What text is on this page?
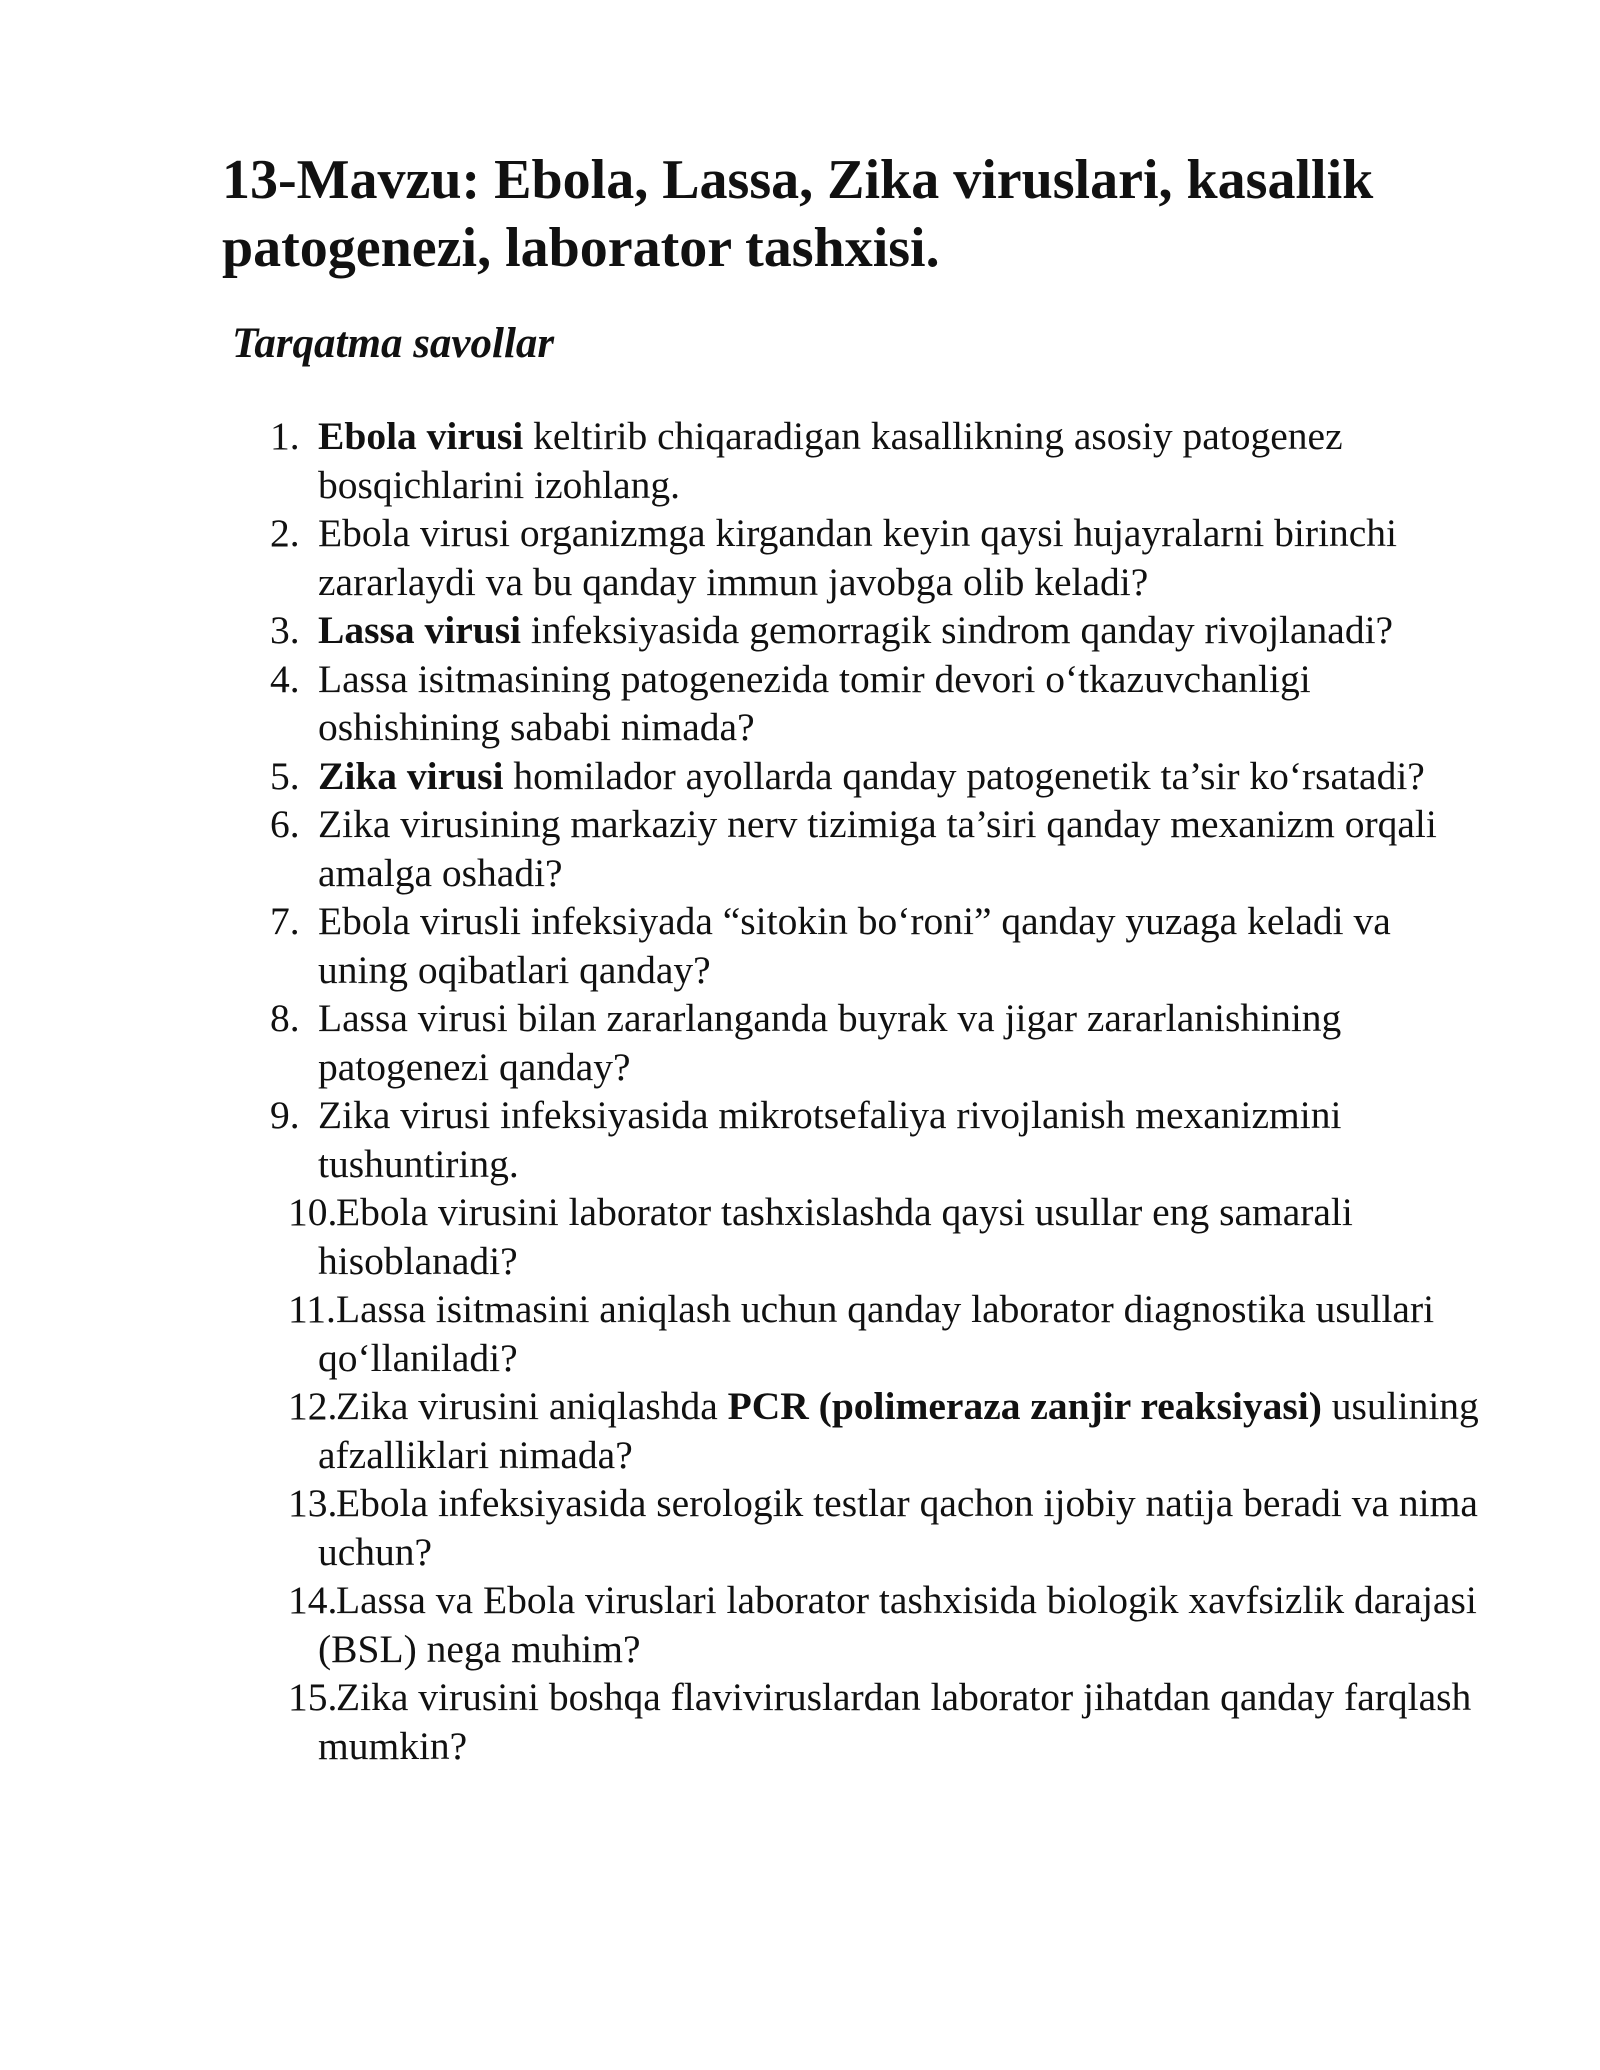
13-Mavzu: Ebola, Lassa, Zika viruslari, kasallik patogenezi, laborator tashxisi.
Tarqatma savollar
1. Ebola virusi keltirib chiqaradigan kasallikning asosiy patogenez bosqichlarini izohlang.
2. Ebola virusi organizmga kirgandan keyin qaysi hujayralarni birinchi zararlaydi va bu qanday immun javobga olib keladi?
3. Lassa virusi infeksiyasida gemorragik sindrom qanday rivojlanadi?
4. Lassa isitmasining patogenezida tomir devori o‘tkazuvchanligi oshishining sababi nimada?
5. Zika virusi homilador ayollarda qanday patogenetik ta’sir ko‘rsatadi?
6. Zika virusining markaziy nerv tizimiga ta’siri qanday mexanizm orqali amalga oshadi?
7. Ebola virusli infeksiyada “sitokin bo‘roni” qanday yuzaga keladi va uning oqibatlari qanday?
8. Lassa virusi bilan zararlanganda buyrak va jigar zararlanishining patogenezi qanday?
9. Zika virusi infeksiyasida mikrotsefaliya rivojlanish mexanizmini tushuntiring.
10.
Ebola virusini laborator tashxislashda qaysi usullar eng samarali hisoblanadi?
11. Lassa isitmasini aniqlash uchun qanday laborator diagnostika usullari qo‘llaniladi?
12.
Zika virusini aniqlashda PCR (polimeraza zanjir reaksiyasi) usulining afzalliklari nimada?
13.
Ebola infeksiyasida serologik testlar qachon ijobiy natija beradi va nima uchun?
14.
Lassa va Ebola viruslari laborator tashxisida biologik xavfsizlik darajasi (BSL) nega muhim?
15.
Zika virusini boshqa flaviviruslardan laborator jihatdan qanday farqlash mumkin?
